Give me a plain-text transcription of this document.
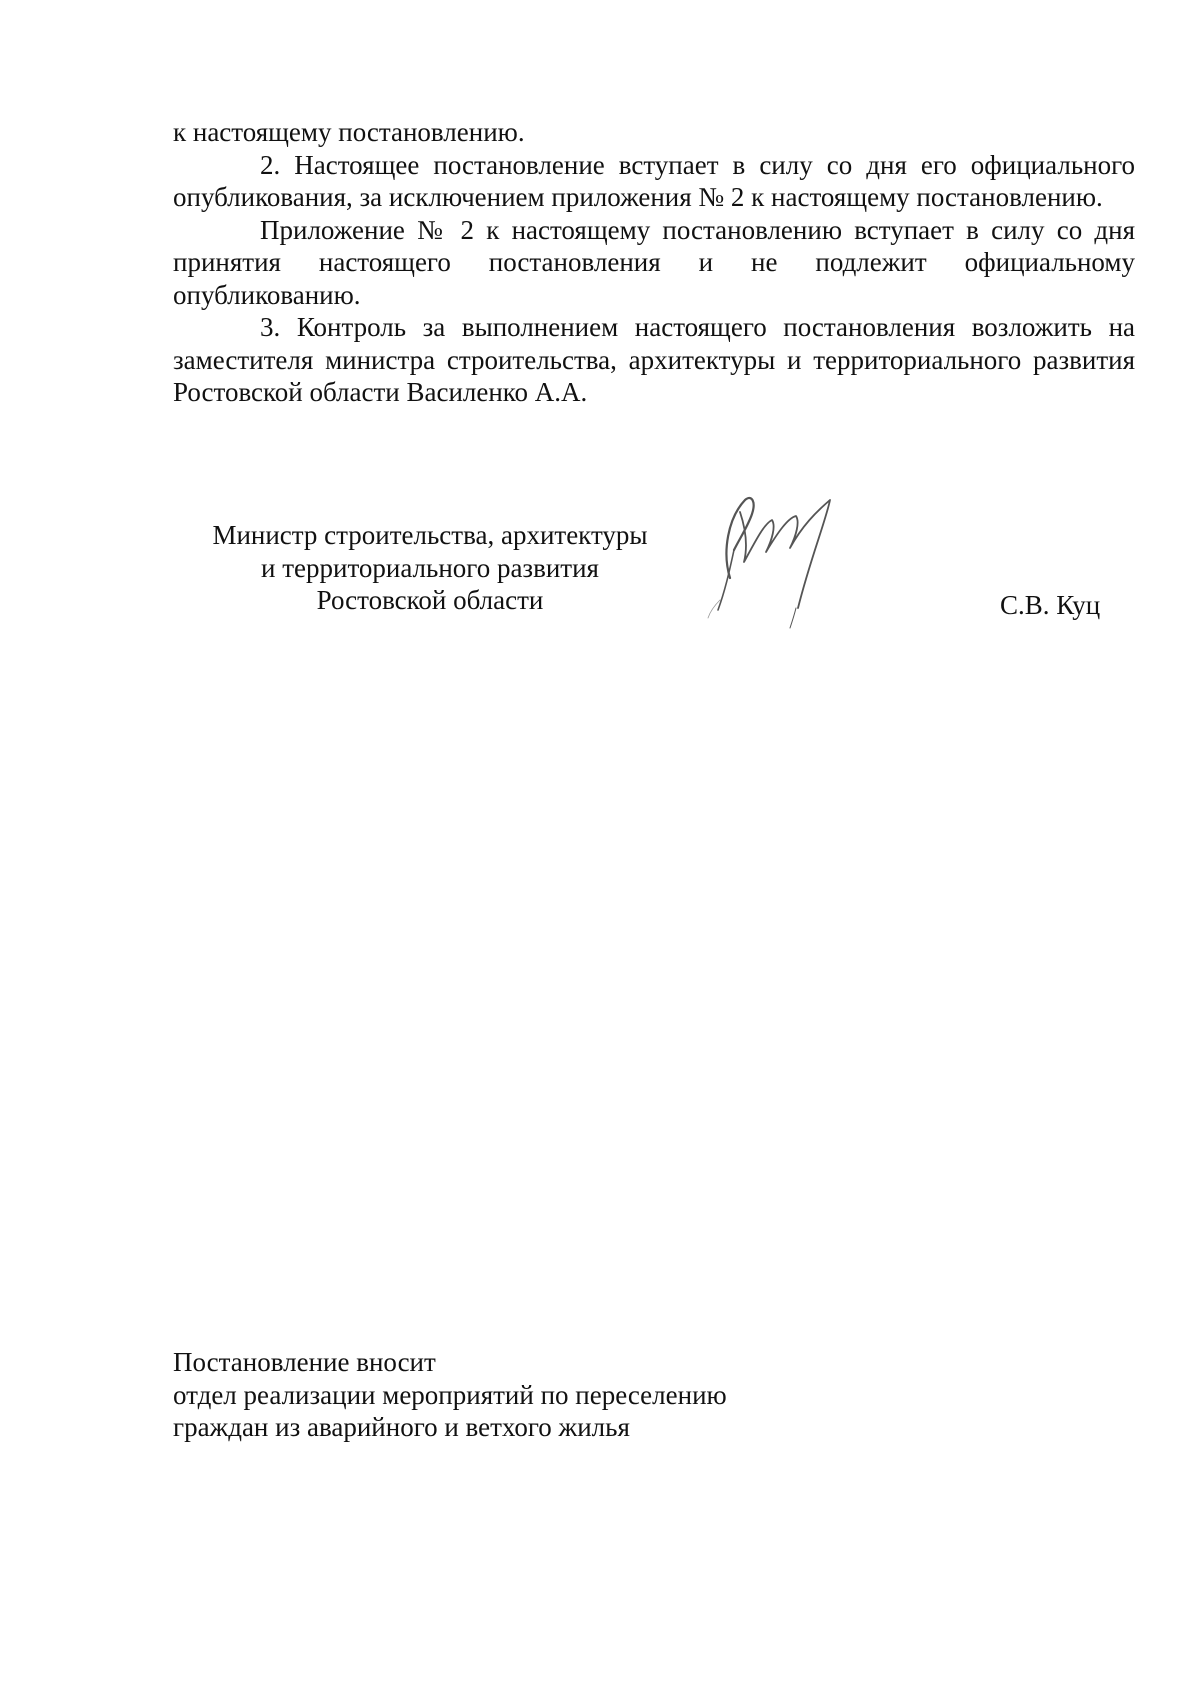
к настоящему постановлению.

2. Настоящее постановление вступает в силу со дня его официального опубликования, за исключением приложения № 2 к настоящему постановлению.

Приложение № 2 к настоящему постановлению вступает в силу со дня принятия настоящего постановления и не подлежит официальному опубликованию.

3. Контроль за выполнением настоящего постановления возложить на заместителя министра строительства, архитектуры и территориального развития Ростовской области Василенко А.А.

Министр строительства, архитектуры
и территориального развития
Ростовской области	С.В. Куц
Постановление вносит
отдел реализации мероприятий по переселению
граждан из аварийного и ветхого жилья
